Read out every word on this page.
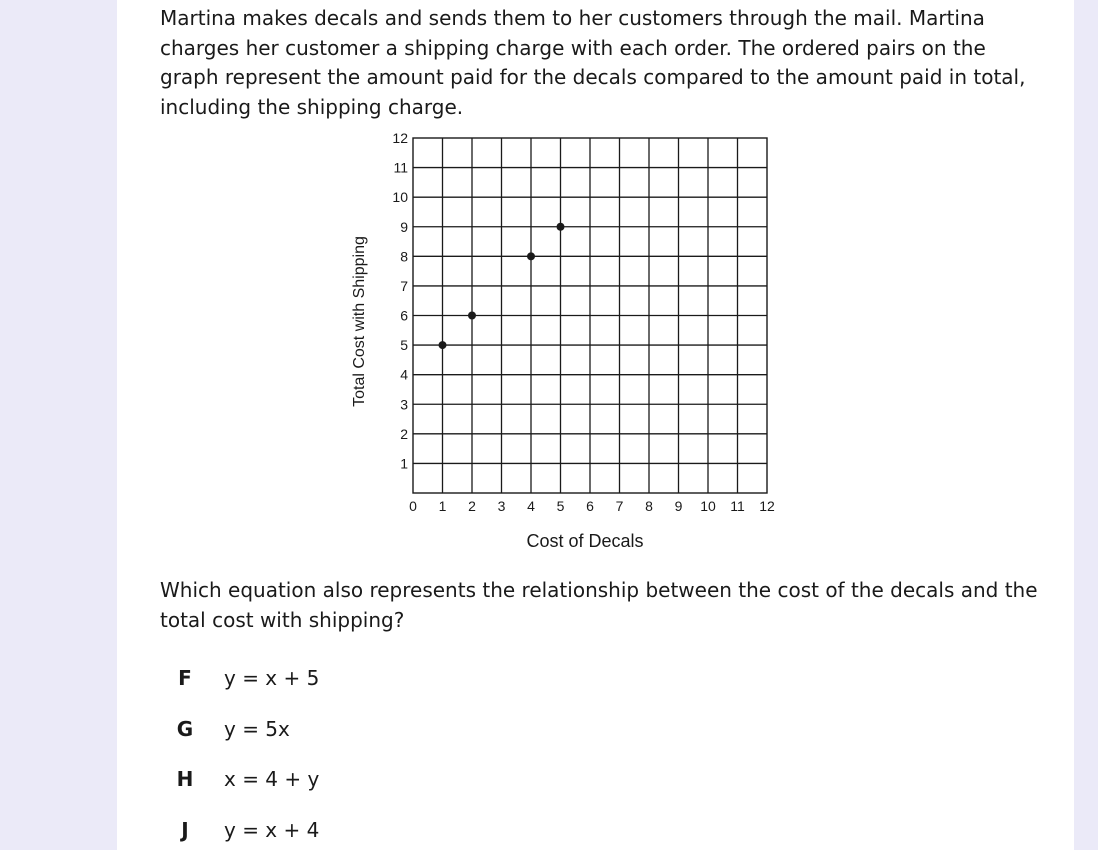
Martina makes decals and sends them to her customers through the mail. Martina charges her customer a shipping charge with each order. The ordered pairs on the graph represent the amount paid for the decals compared to the amount paid in total, including the shipping charge.

0 1 2 3 4 5 6 7 8 9 10 11 12
1
2
3
4
5
6
7
8
9
10
11
12
Cost of Decals
Total Cost with Shipping

Which equation also represents the relationship between the cost of the decals and the total cost with shipping?

F	y = x + 5
G	y = 5x
H	x = 4 + y
J	y = x + 4
